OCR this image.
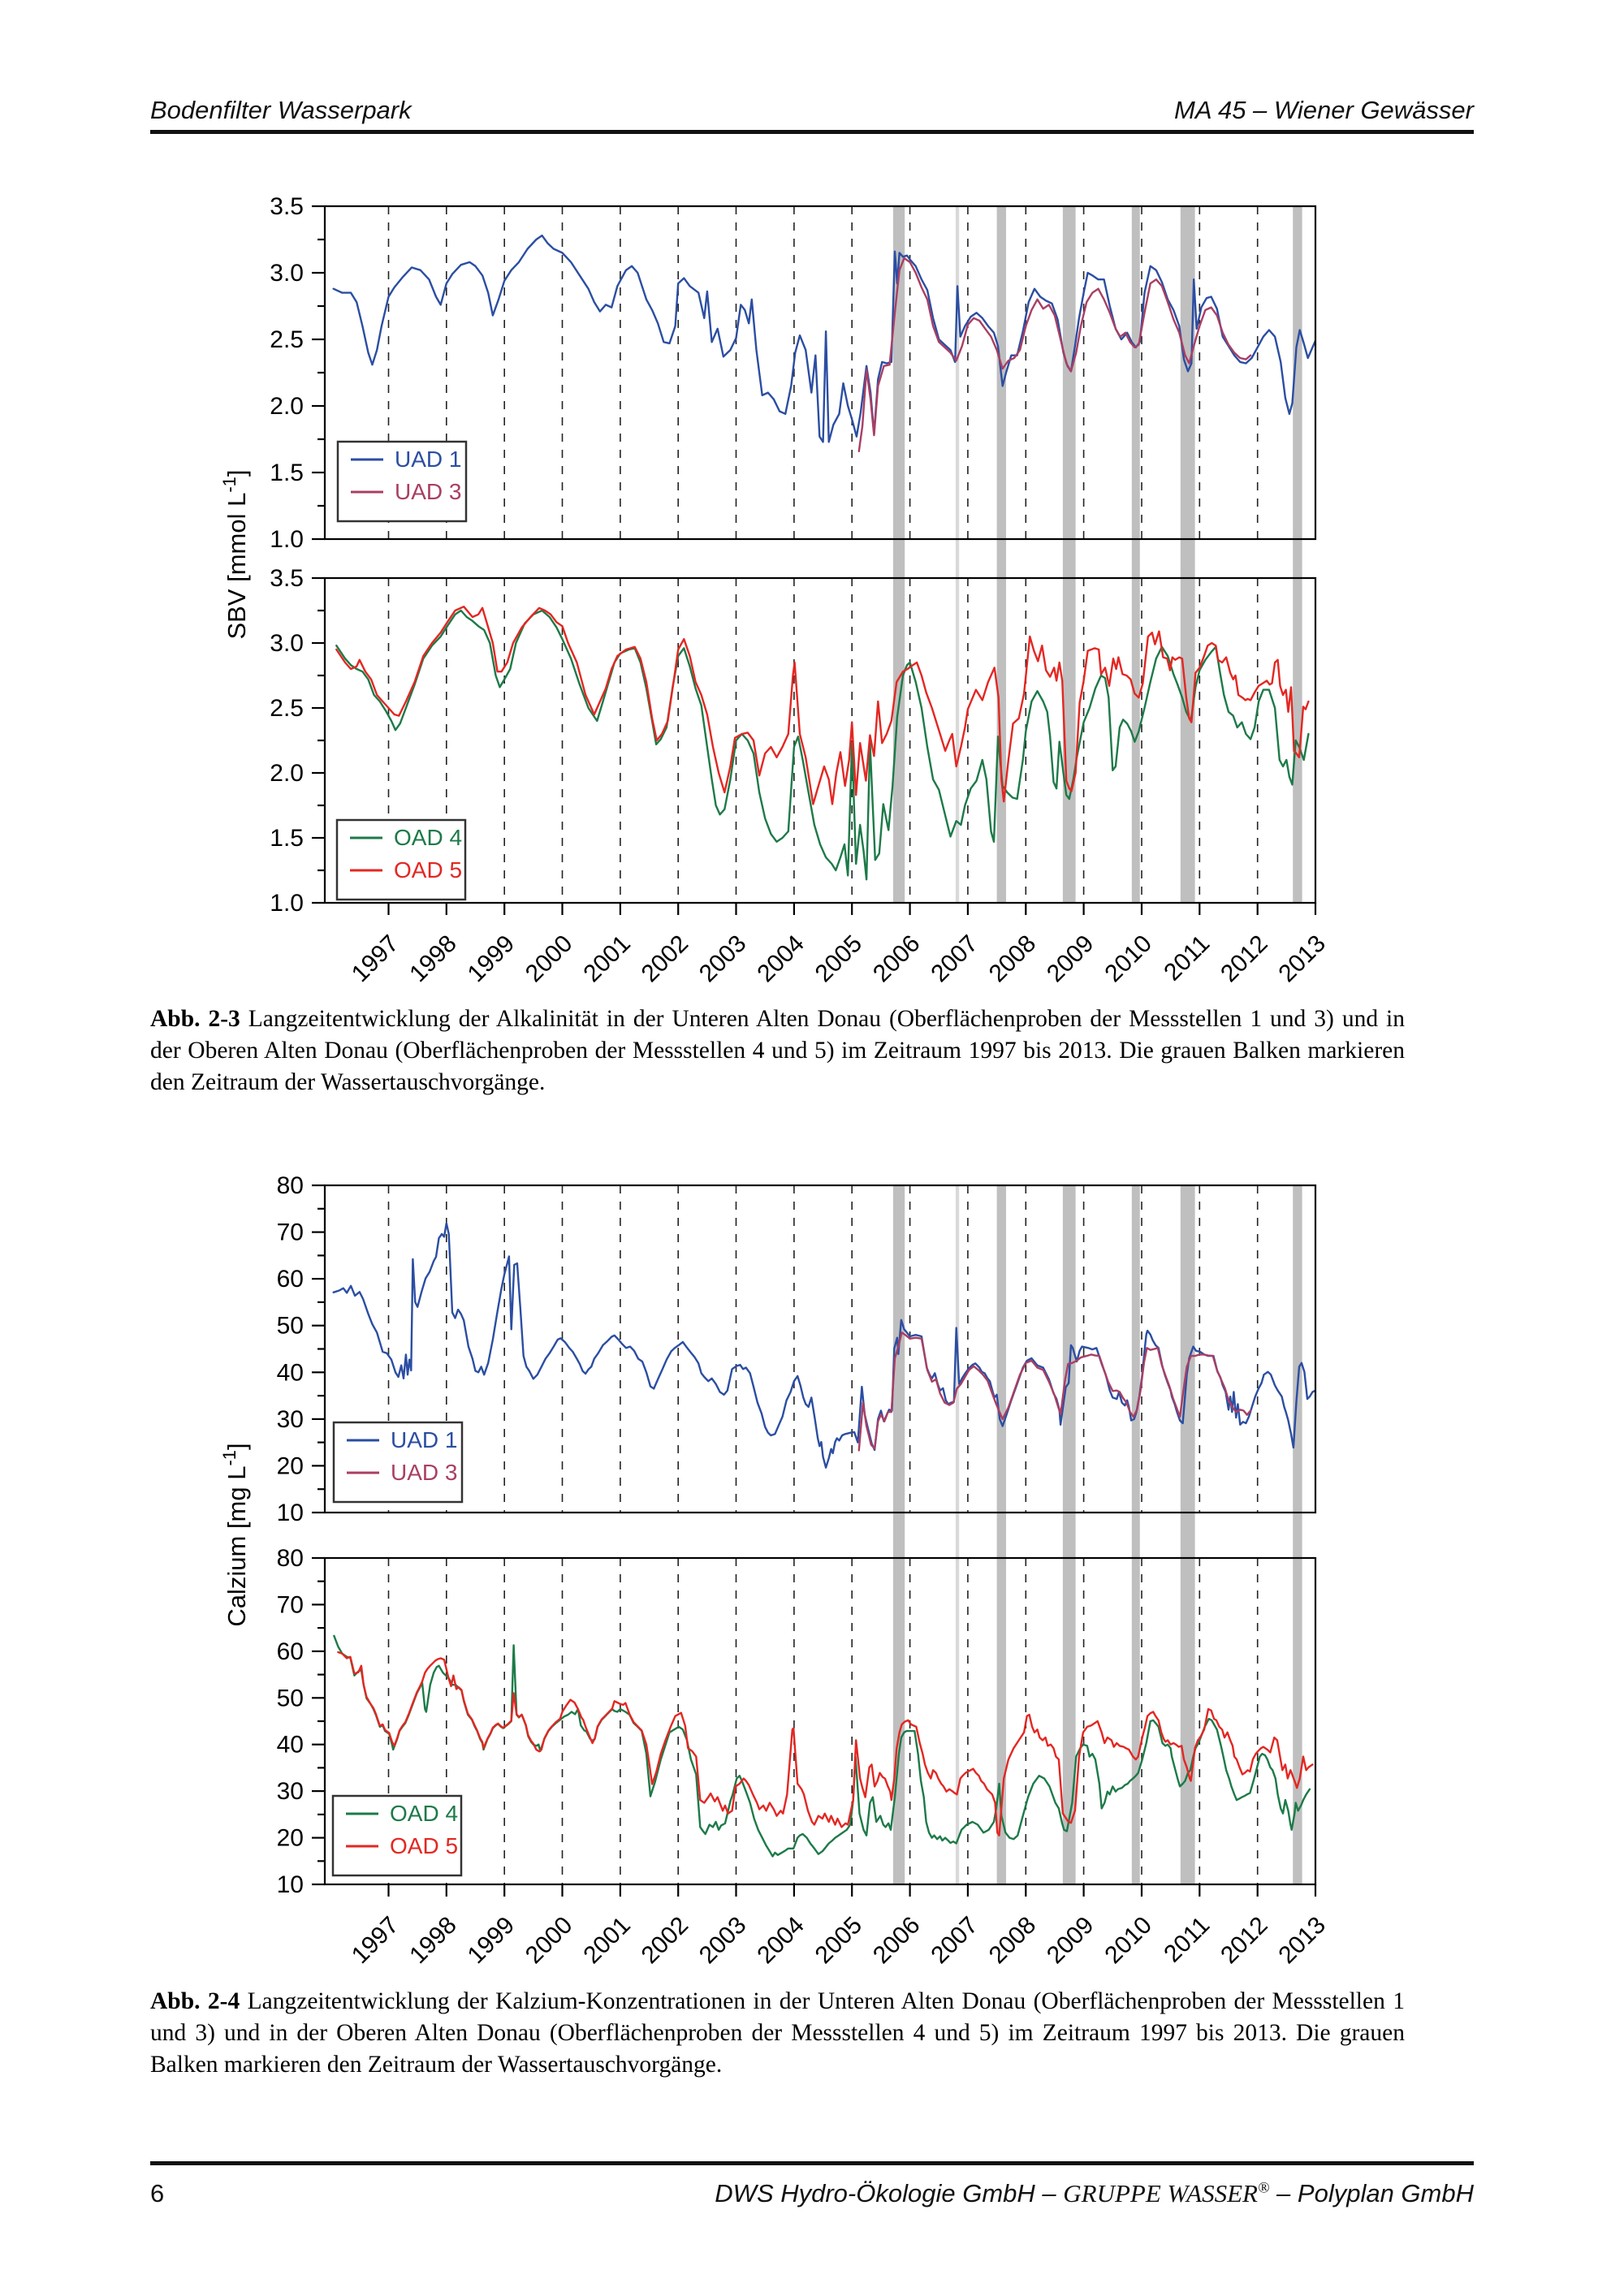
Bodenfilter Wasserpark	MA 45 – Wiener Gewässer
1.0
1.5
2.0
2.5
3.0
3.5
1.0
1.5
2.0
2.5
3.0
3.5
1997 1998 1999 2000 2001 2002 2003 2004 2005 2006 2007 2008 2009 2010 2011 2012 2013
UAD 1
UAD 3
OAD 4
OAD 5
SBV [mmol $L^{-1}$]
10
20
30
40
50
60
70
80
10
20
30
40
50
60
70
80
1997 1998 1999 2000 2001 2002 2003 2004 2005 2006 2007 2008 2009 2010 2011 2012 2013
UAD 1
UAD 3
OAD 4
OAD 5
Calzium [mg $L^{-1}$]
Abb. 2-3 Langzeitentwicklung der Alkalinität in der Unteren Alten Donau (Oberflächenproben der Messstellen 1 und 3) und in der Oberen Alten Donau (Oberflächenproben der Messstellen 4 und 5) im Zeitraum 1997 bis 2013. Die grauen Balken markieren den Zeitraum der Wassertauschvorgänge.
Abb. 2-4 Langzeitentwicklung der Kalzium-Konzentrationen in der Unteren Alten Donau (Oberflächenproben der Messstellen 1 und 3) und in der Oberen Alten Donau (Oberflächenproben der Messstellen 4 und 5) im Zeitraum 1997 bis 2013. Die grauen Balken markieren den Zeitraum der Wassertauschvorgänge.
6	DWS Hydro-Ökologie GmbH – GRUPPE WASSER® – Polyplan GmbH
